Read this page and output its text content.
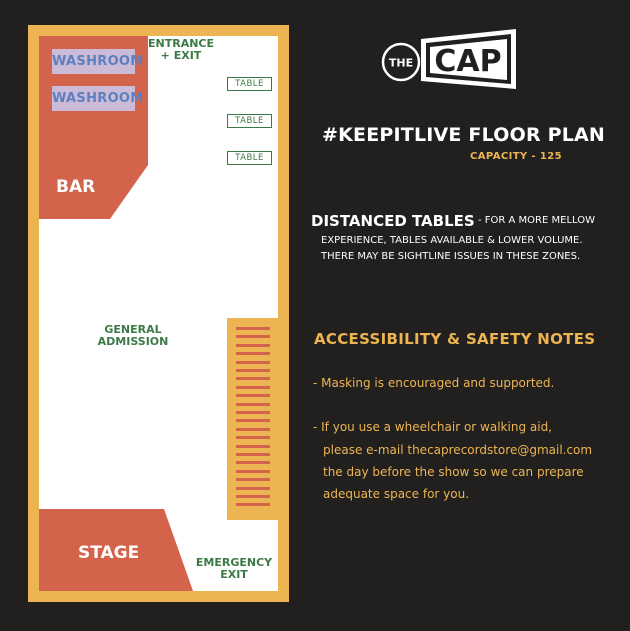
WASHROOM
WASHROOM
ENTRANCE
+ EXIT
TABLE
TABLE
TABLE
BAR
GENERAL
ADMISSION
STAGE	EMERGENCY
EXIT
THE CAP
#KEEPITLIVE FLOOR PLAN
CAPACITY - 125
DISTANCED TABLES - FOR A MORE MELLOW
EXPERIENCE, TABLES AVAILABLE & LOWER VOLUME.
THERE MAY BE SIGHTLINE ISSUES IN THESE ZONES.
ACCESSIBILITY & SAFETY NOTES
- Masking is encouraged and supported.
- If you use a wheelchair or walking aid,
please e-mail thecaprecordstore@gmail.com
the day before the show so we can prepare
adequate space for you.
